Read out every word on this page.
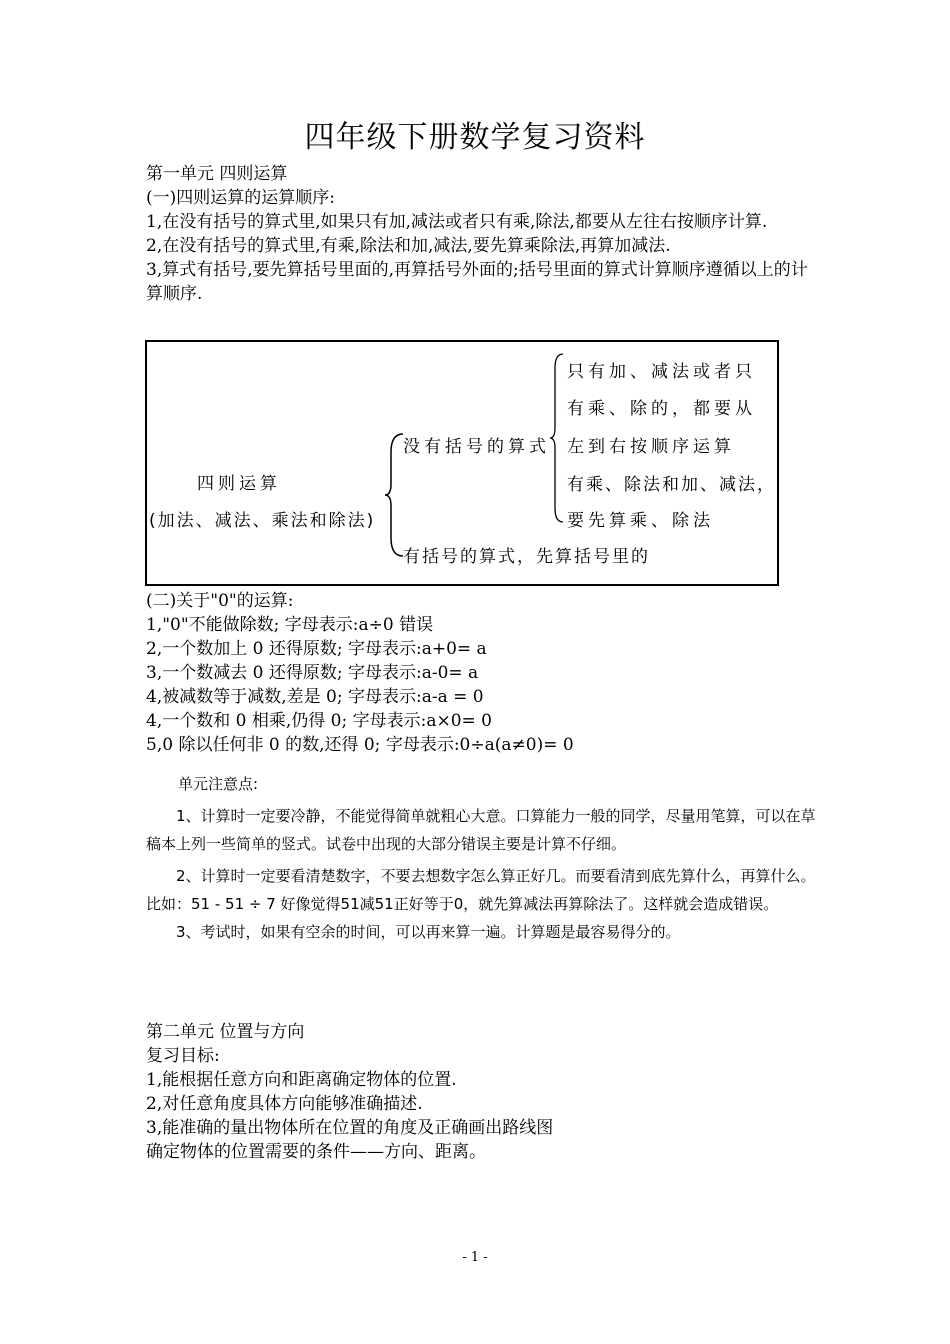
四年级下册数学复习资料

第一单元 四则运算

(一)四则运算的运算顺序:

1,在没有括号的算式里,如果只有加,减法或者只有乘,除法,都要从左往右按顺序计算.

2,在没有括号的算式里,有乘,除法和加,减法,要先算乘除法,再算加减法.

3,算式有括号,要先算括号里面的,再算括号外面的;括号里面的算式计算顺序遵循以上的计算顺序.

四则运算
(加法、减法、乘法和除法)
没有括号的算式
只有加、减法或者只
有乘、除的，都要从
左到右按顺序运算
有乘、除法和加、减法，
要先算乘、除法
有括号的算式，先算括号里的

(二)关于"0"的运算:

1,"0"不能做除数; 字母表示:a÷0 错误

2,一个数加上 0 还得原数; 字母表示:a+0= a

3,一个数减去 0 还得原数; 字母表示:a-0= a

4,被减数等于减数,差是 0; 字母表示:a-a = 0

4,一个数和 0 相乘,仍得 0; 字母表示:a×0= 0

5,0 除以任何非 0 的数,还得 0; 字母表示:0÷a(a≠0)= 0

单元注意点:

1、计算时一定要冷静，不能觉得简单就粗心大意。口算能力一般的同学，尽量用笔算，可以在草稿本上列一些简单的竖式。试卷中出现的大部分错误主要是计算不仔细。

2、计算时一定要看清楚数字，不要去想数字怎么算正好几。而要看清到底先算什么，再算什么。比如：51 - 51 ÷ 7 好像觉得51减51正好等于0，就先算减法再算除法了。这样就会造成错误。

3、考试时，如果有空余的时间，可以再来算一遍。计算题是最容易得分的。

第二单元 位置与方向

复习目标:

1,能根据任意方向和距离确定物体的位置.

2,对任意角度具体方向能够准确描述.

3,能准确的量出物体所在位置的角度及正确画出路线图

确定物体的位置需要的条件——方向、距离。

- 1 -
